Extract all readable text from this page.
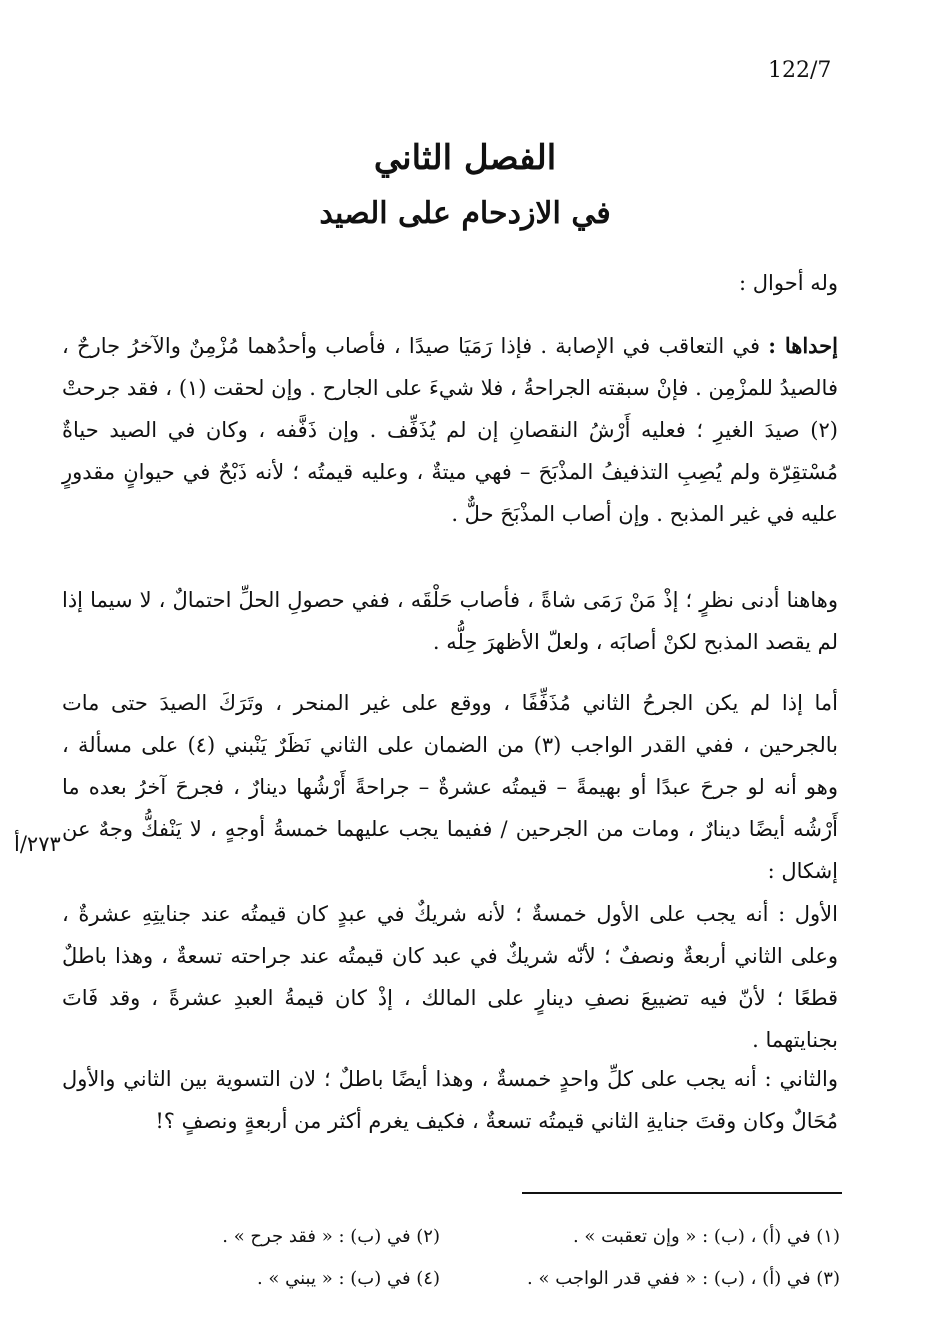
122/7
الفصل الثاني
في الازدحام على الصيد

وله أحوال :

إحداها : في التعاقب في الإصابة . فإذا رَمَيَا صيدًا ، فأصاب وأحدُهما مُزْمِنٌ والآخرُ جارحٌ ، فالصيدُ للمزْمِن . فإنْ سبقته الجراحةُ ، فلا شيءَ على الجارح . وإن لحقت (١) ، فقد جرحتْ (٢) صيدَ الغيرِ ؛ فعليه أَرْشُ النقصانِ إن لم يُذَفِّف . وإن ذَفَّفه ، وكان في الصيد حياةٌ مُسْتقِرّة ولم يُصِبِ التذفيفُ المذْبَحَ – فهي ميتةٌ ، وعليه قيمتُه ؛ لأنه ذَبْحٌ في حيوانٍ مقدورٍ عليه في غير المذبح . وإن أصاب المذْبَحَ حلٌّ .

وهاهنا أدنى نظرٍ ؛ إذْ مَنْ رَمَى شاةً ، فأصاب حَلْقَه ، ففي حصولِ الحلِّ احتمالٌ ، لا سيما إذا لم يقصد المذبح لكنْ أصابَه ، ولعلّ الأظهرَ حِلُّه .

أما إذا لم يكن الجرحُ الثاني مُذَفِّفًا ، ووقع على غير المنحر ، وتَرَكَ الصيدَ حتى مات بالجرحين ، ففي القدر الواجب (٣) من الضمان على الثاني نَظَرٌ يَنْبني (٤) على مسألة ، وهو أنه لو جرحَ عبدًا أو بهيمةً – قيمتُه عشرةٌ – جراحةً أَرْشُها دينارٌ ، فجرحَ آخرُ بعده ما أَرْشُه أيضًا دينارٌ ، ومات من الجرحين / ففيما يجب عليهما خمسةُ أوجهٍ ، لا يَنْفكُّ وجهٌ عن إشكال :

٢٧٣/أ

الأول : أنه يجب على الأول خمسةٌ ؛ لأنه شريكٌ في عبدٍ كان قيمتُه عند جنايتِهِ عشرةٌ ، وعلى الثاني أربعةٌ ونصفٌ ؛ لأنّه شريكٌ في عبد كان قيمتُه عند جراحته تسعةٌ ، وهذا باطلٌ قطعًا ؛ لأنّ فيه تضييعَ نصفِ دينارٍ على المالك ، إذْ كان قيمةُ العبدِ عشرةً ، وقد فَاتَ بجنايتهما .

والثاني : أنه يجب على كلِّ واحدٍ خمسةٌ ، وهذا أيضًا باطلٌ ؛ لان التسوية بين الثاني والأول مُحَالٌ وكان وقتَ جنايةِ الثاني قيمتُه تسعةٌ ، فكيف يغرم أكثر من أربعةٍ ونصفٍ ؟!

(١) في (أ) ، (ب) : « وإن تعقبت » .
(٢) في (ب) : « فقد جرح » .
(٣) في (أ) ، (ب) : « ففي قدر الواجب » .
(٤) في (ب) : « يبني » .
